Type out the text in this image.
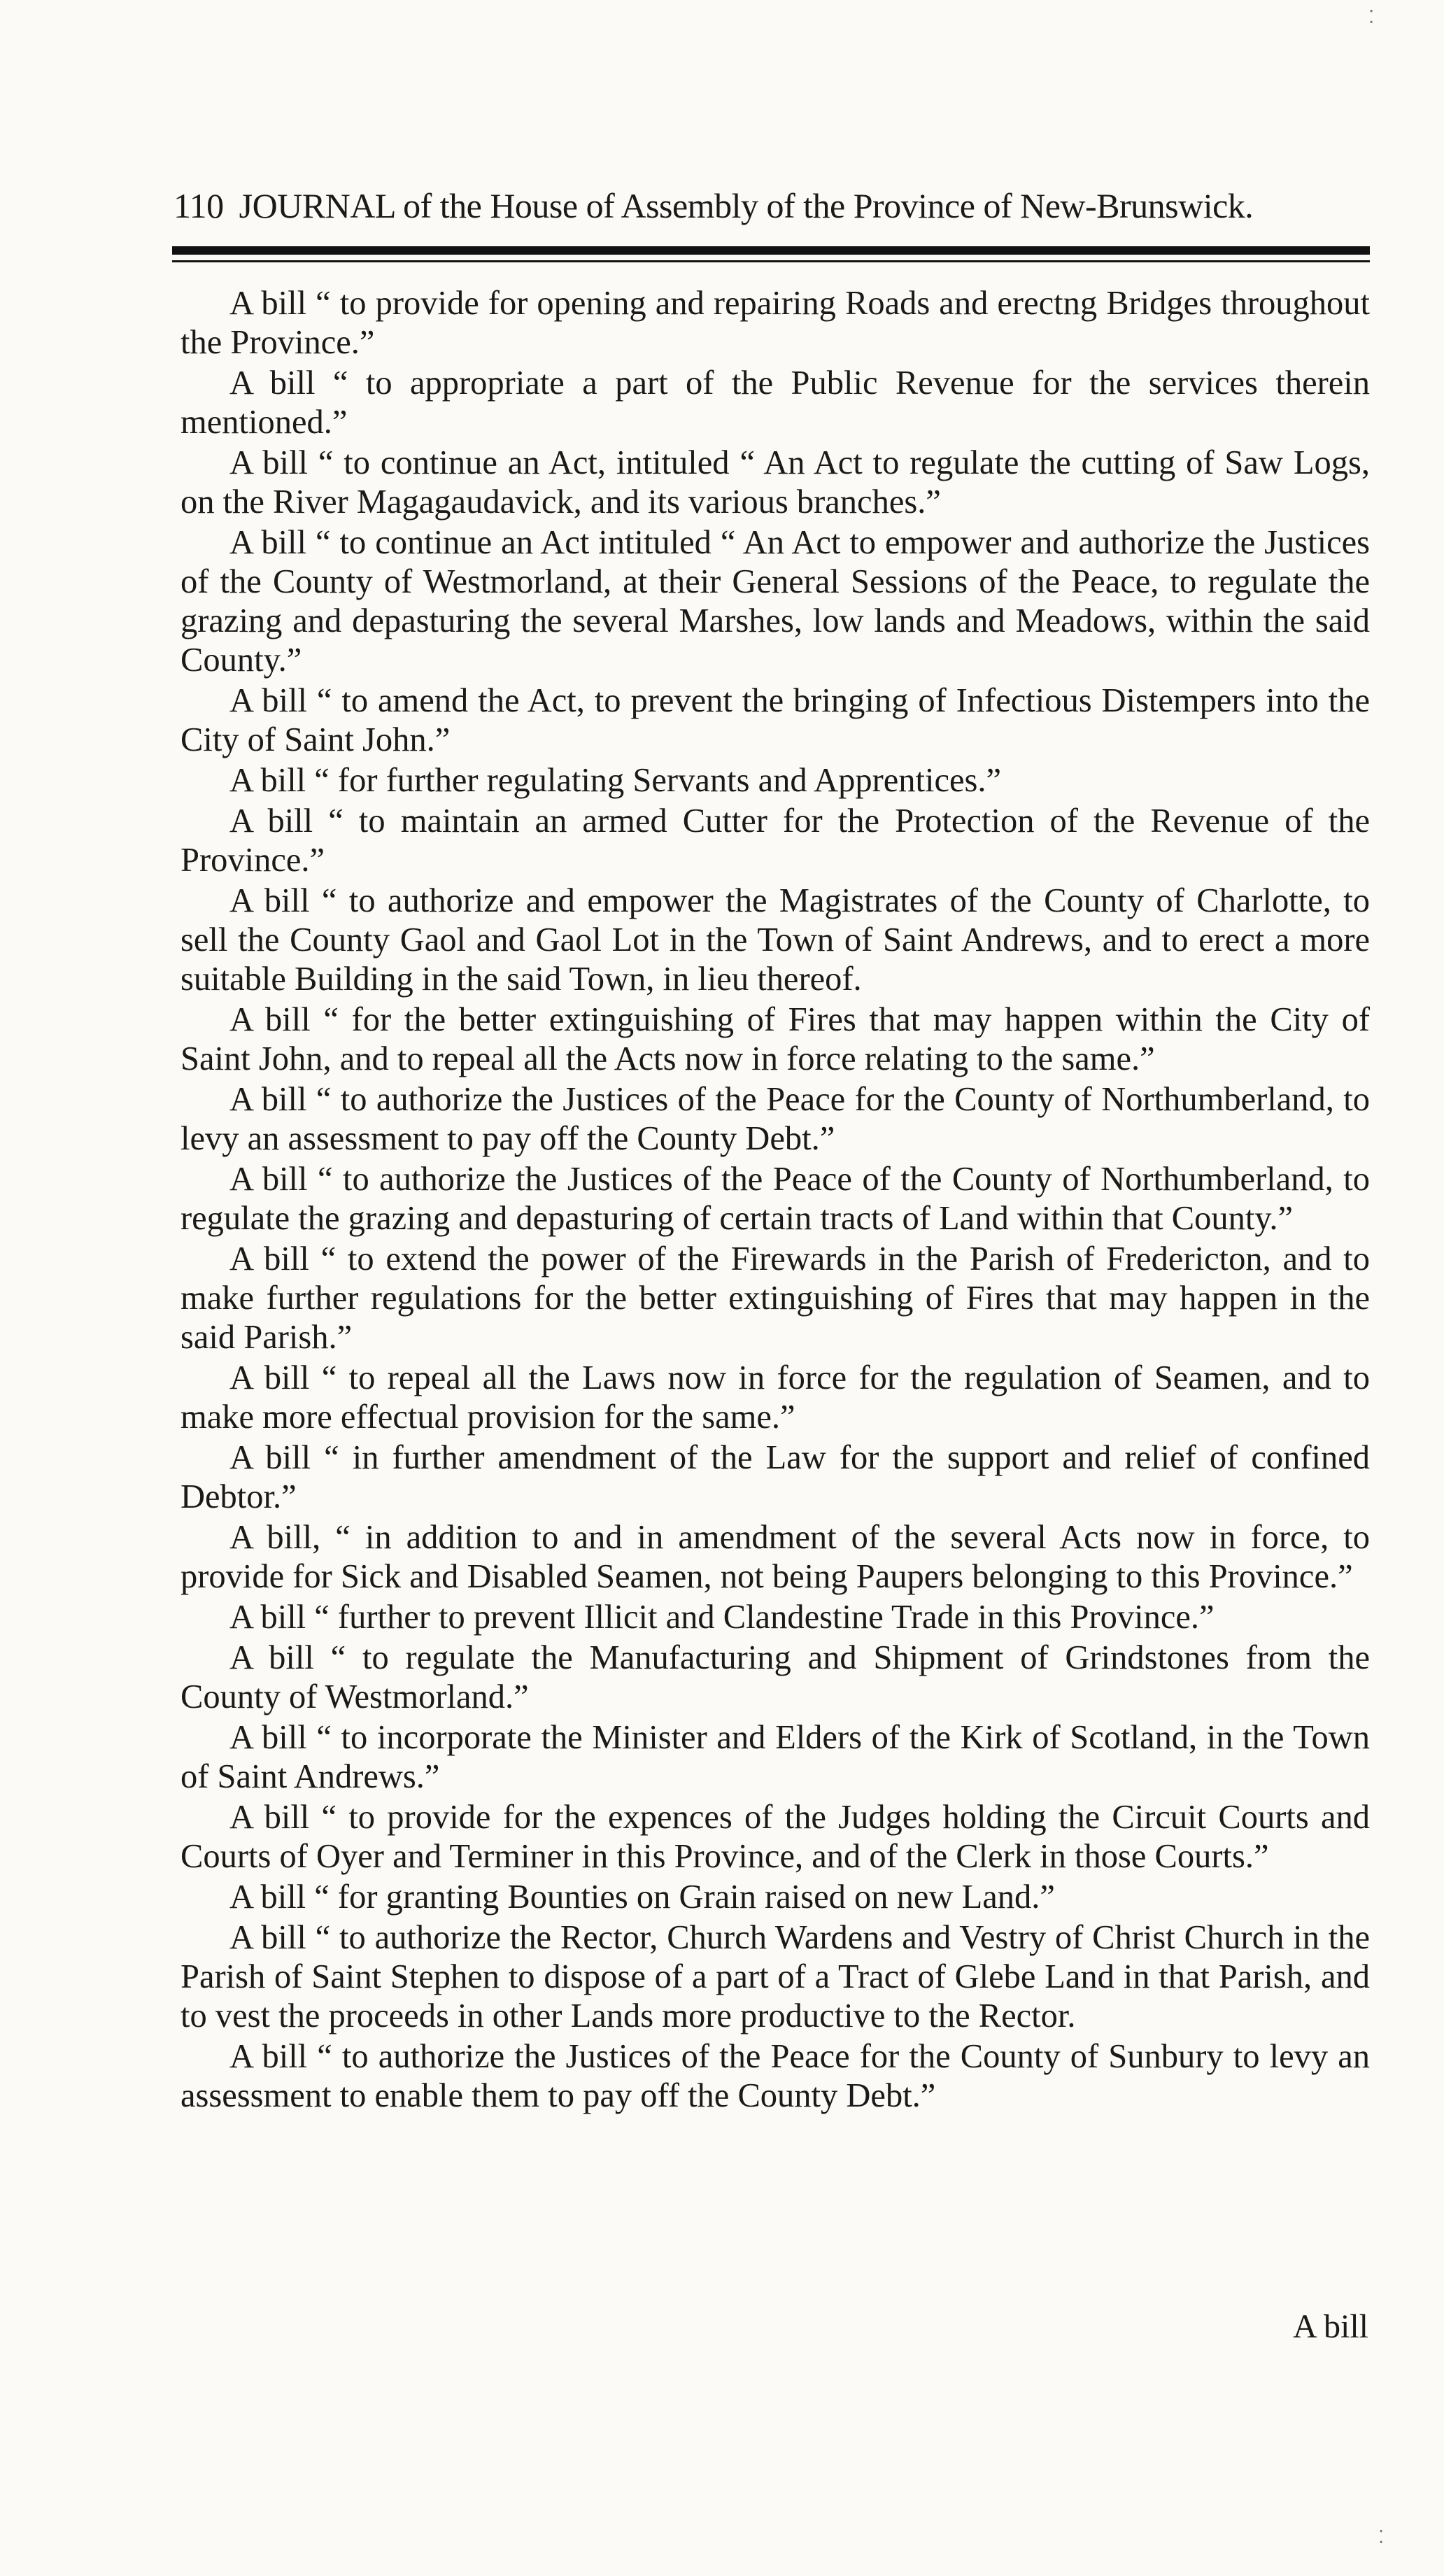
⁚
110 JOURNAL of the House of Assembly of the Province of New-Brunswick.

A bill “ to provide for opening and repairing Roads and erectng Bridges throughout the Province.”

A bill “ to appropriate a part of the Public Revenue for the services therein mentioned.”

A bill “ to continue an Act, intituled “ An Act to regulate the cutting of Saw Logs, on the River Magagaudavick, and its various branches.”

A bill “ to continue an Act intituled “ An Act to empower and authorize the Justices of the County of Westmorland, at their General Sessions of the Peace, to regulate the grazing and depasturing the several Marshes, low lands and Meadows, within the said County.”

A bill “ to amend the Act, to prevent the bringing of Infectious Distempers into the City of Saint John.”

A bill “ for further regulating Servants and Apprentices.”

A bill “ to maintain an armed Cutter for the Protection of the Revenue of the Province.”

A bill “ to authorize and empower the Magistrates of the County of Charlotte, to sell the County Gaol and Gaol Lot in the Town of Saint Andrews, and to erect a more suitable Building in the said Town, in lieu thereof.

A bill “ for the better extinguishing of Fires that may happen within the City of Saint John, and to repeal all the Acts now in force relating to the same.”

A bill “ to authorize the Justices of the Peace for the County of Northumberland, to levy an assessment to pay off the County Debt.”

A bill “ to authorize the Justices of the Peace of the County of Northumberland, to regulate the grazing and depasturing of certain tracts of Land within that County.”

A bill “ to extend the power of the Firewards in the Parish of Fredericton, and to make further regulations for the better extinguishing of Fires that may happen in the said Parish.”

A bill “ to repeal all the Laws now in force for the regulation of Seamen, and to make more effectual provision for the same.”

A bill “ in further amendment of the Law for the support and relief of confined Debtor.”

A bill, “ in addition to and in amendment of the several Acts now in force, to provide for Sick and Disabled Seamen, not being Paupers belonging to this Province.”

A bill “ further to prevent Illicit and Clandestine Trade in this Province.”

A bill “ to regulate the Manufacturing and Shipment of Grindstones from the County of Westmorland.”

A bill “ to incorporate the Minister and Elders of the Kirk of Scotland, in the Town of Saint Andrews.”

A bill “ to provide for the expences of the Judges holding the Circuit Courts and Courts of Oyer and Terminer in this Province, and of the Clerk in those Courts.”

A bill “ for granting Bounties on Grain raised on new Land.”

A bill “ to authorize the Rector, Church Wardens and Vestry of Christ Church in the Parish of Saint Stephen to dispose of a part of a Tract of Glebe Land in that Parish, and to vest the proceeds in other Lands more productive to the Rector.

A bill “ to authorize the Justices of the Peace for the County of Sunbury to levy an assessment to enable them to pay off the County Debt.”

A bill
⁚
